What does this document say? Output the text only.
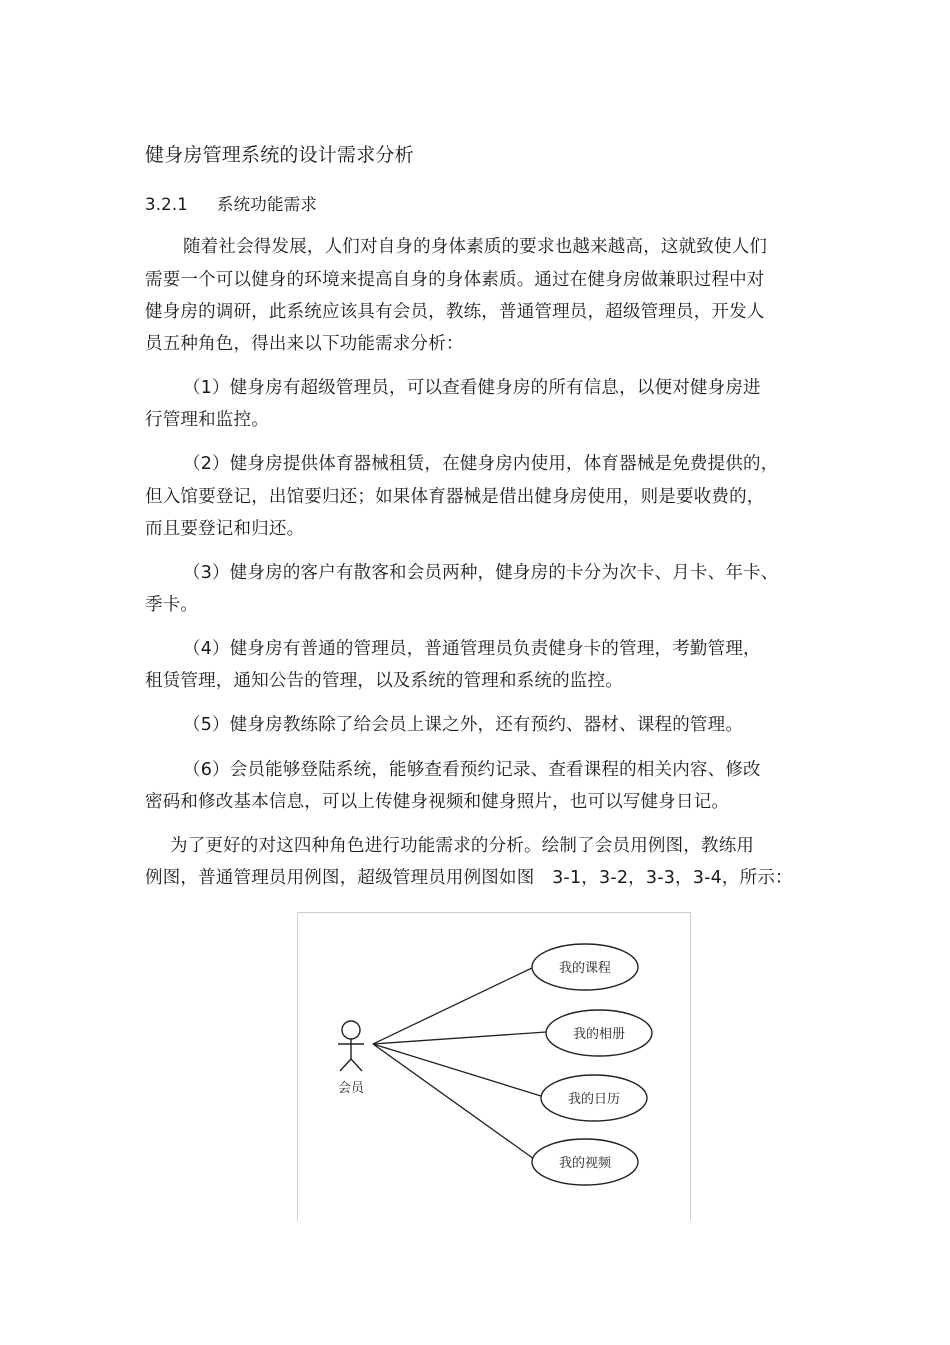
健身房管理系统的设计需求分析
3.2.1 系统功能需求
随着社会得发展，人们对自身的身体素质的要求也越来越高，这就致使人们
需要一个可以健身的环境来提高自身的身体素质。通过在健身房做兼职过程中对
健身房的调研，此系统应该具有会员，教练，普通管理员，超级管理员，开发人
员五种角色，得出来以下功能需求分析：
（1）健身房有超级管理员，可以查看健身房的所有信息，以便对健身房进
行管理和监控。
（2）健身房提供体育器械租赁，在健身房内使用，体育器械是免费提供的，
但入馆要登记，出馆要归还；如果体育器械是借出健身房使用，则是要收费的，
而且要登记和归还。
（3）健身房的客户有散客和会员两种，健身房的卡分为次卡、月卡、年卡、
季卡。
（4）健身房有普通的管理员，普通管理员负责健身卡的管理，考勤管理，
租赁管理，通知公告的管理，以及系统的管理和系统的监控。
（5）健身房教练除了给会员上课之外，还有预约、器材、课程的管理。
（6）会员能够登陆系统，能够查看预约记录、查看课程的相关内容、修改
密码和修改基本信息，可以上传健身视频和健身照片，也可以写健身日记。
为了更好的对这四种角色进行功能需求的分析。绘制了会员用例图，教练用
例图，普通管理员用例图，超级管理员用例图如图　3-1，3-2，3-3，3-4，所示：
会员
我的课程
我的相册
我的日历
我的视频
